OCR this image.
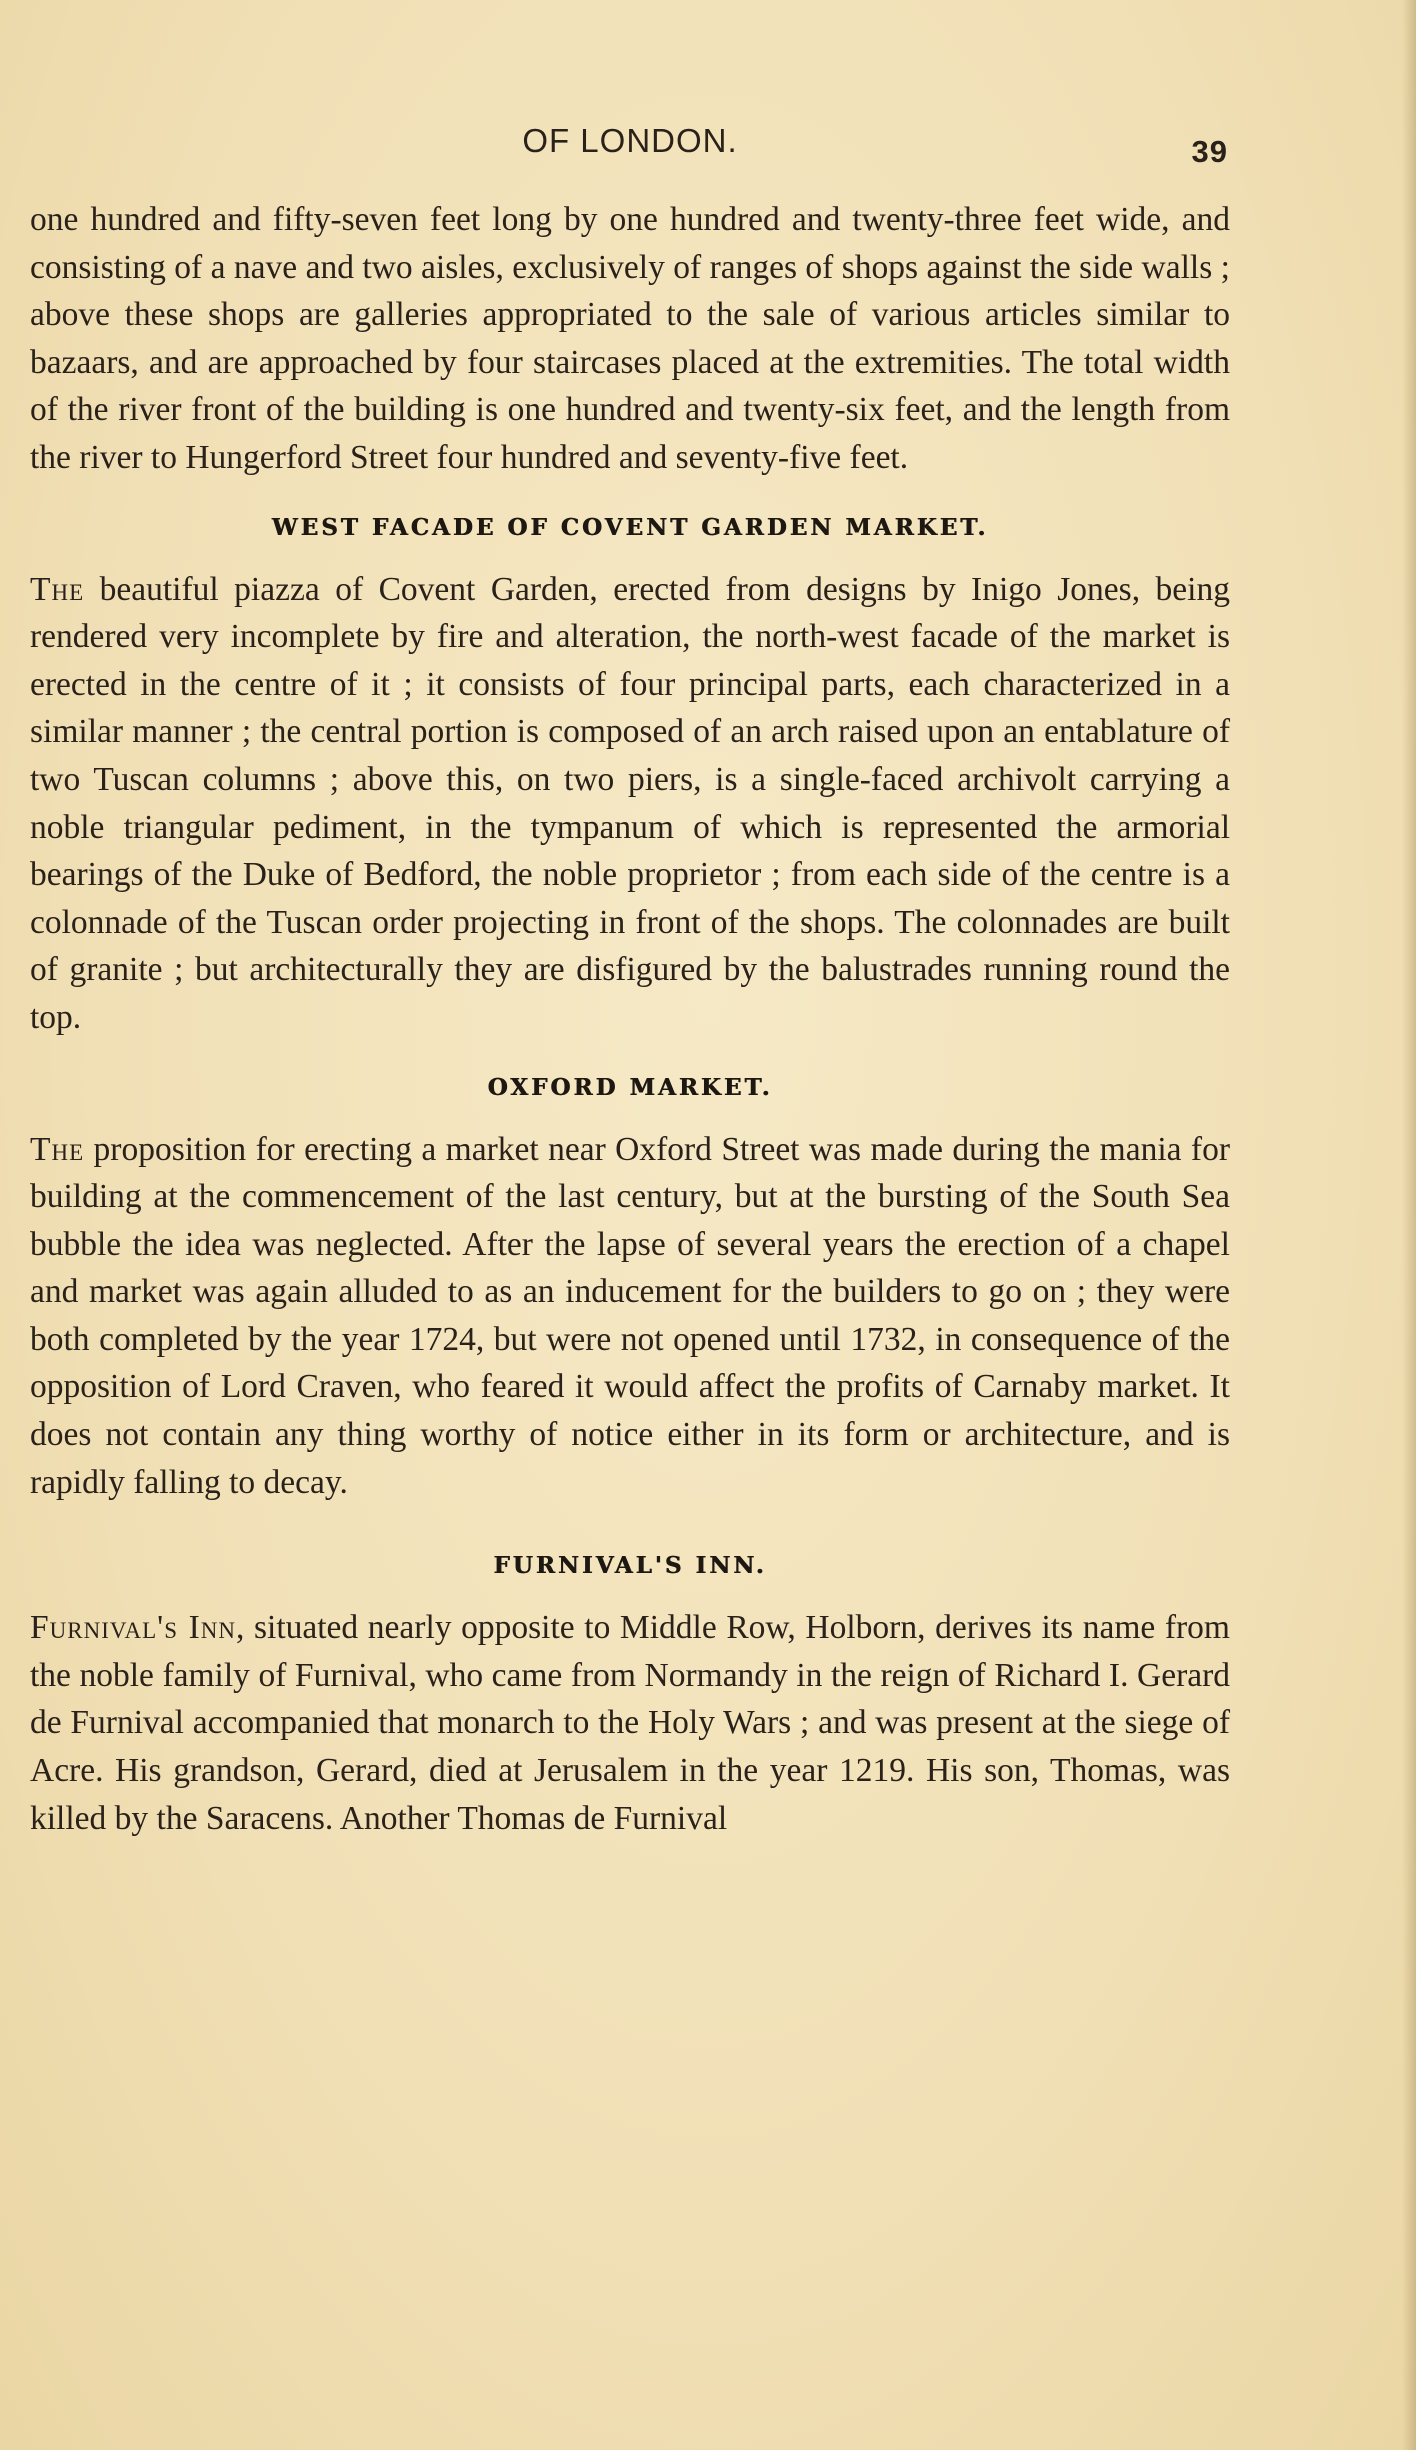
OF LONDON.	39

one hundred and fifty-seven feet long by one hundred and twenty-three feet wide, and consisting of a nave and two aisles, exclusively of ranges of shops against the side walls ; above these shops are galleries appropriated to the sale of various articles similar to bazaars, and are approached by four staircases placed at the extremities. The total width of the river front of the building is one hundred and twenty-six feet, and the length from the river to Hungerford Street four hundred and seventy-five feet.

WEST FACADE OF COVENT GARDEN MARKET.

The beautiful piazza of Covent Garden, erected from designs by Inigo Jones, being rendered very incomplete by fire and alteration, the north-west facade of the market is erected in the centre of it ; it consists of four principal parts, each characterized in a similar manner ; the central portion is composed of an arch raised upon an entablature of two Tuscan columns ; above this, on two piers, is a single-faced archivolt carrying a noble triangular pediment, in the tympanum of which is represented the armorial bearings of the Duke of Bedford, the noble proprietor ; from each side of the centre is a colonnade of the Tuscan order projecting in front of the shops. The colonnades are built of granite ; but architecturally they are disfigured by the balustrades running round the top.

OXFORD MARKET.

The proposition for erecting a market near Oxford Street was made during the mania for building at the commencement of the last century, but at the bursting of the South Sea bubble the idea was neglected. After the lapse of several years the erection of a chapel and market was again alluded to as an inducement for the builders to go on ; they were both completed by the year 1724, but were not opened until 1732, in consequence of the opposition of Lord Craven, who feared it would affect the profits of Carnaby market. It does not contain any thing worthy of notice either in its form or architecture, and is rapidly falling to decay.

FURNIVAL'S INN.

Furnival's Inn, situated nearly opposite to Middle Row, Holborn, derives its name from the noble family of Furnival, who came from Normandy in the reign of Richard I. Gerard de Furnival accompanied that monarch to the Holy Wars ; and was present at the siege of Acre. His grandson, Gerard, died at Jerusalem in the year 1219. His son, Thomas, was killed by the Saracens. Another Thomas de Furnival
